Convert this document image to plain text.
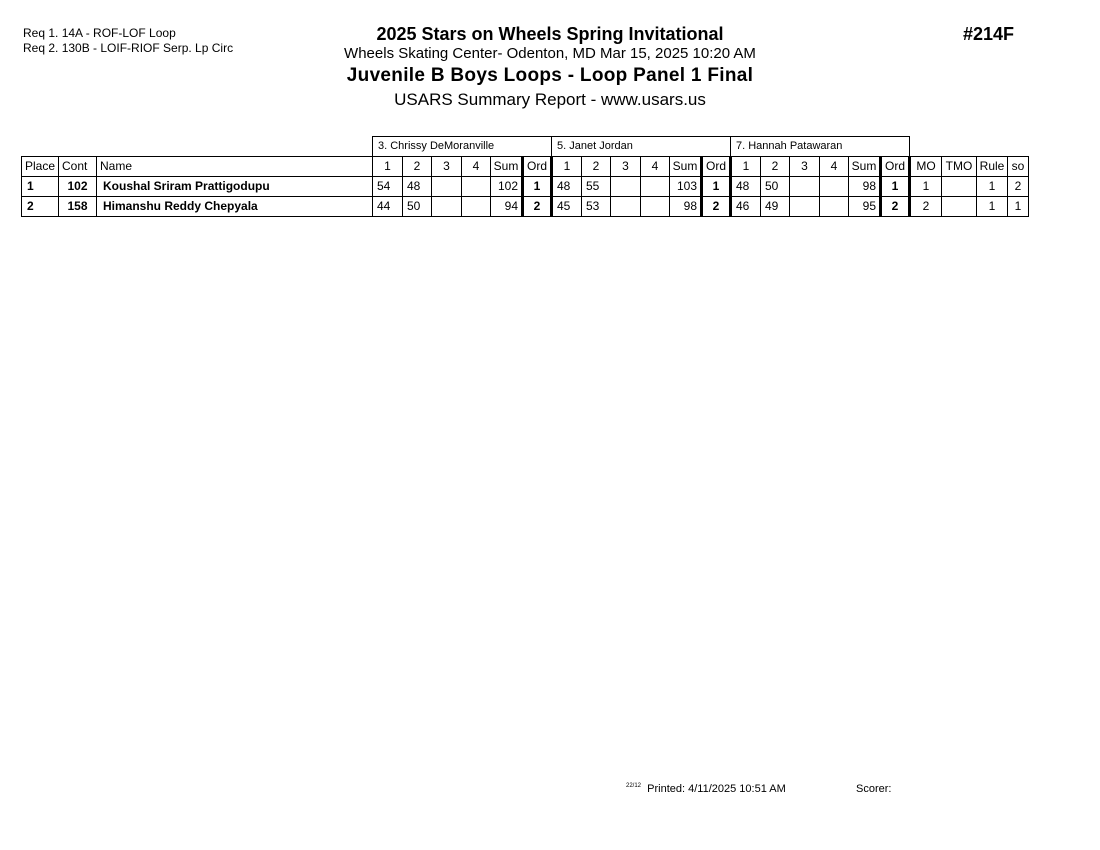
Req 1. 14A - ROF-LOF Loop
Req 2. 130B - LOIF-RIOF Serp. Lp Circ
2025 Stars on Wheels Spring Invitational
Wheels Skating Center- Odenton, MD Mar 15, 2025 10:20 AM
Juvenile B Boys Loops - Loop Panel 1 Final
USARS Summary Report - www.usars.us
#214F
			3. Chrissy DeMoranville						5. Janet Jordan						7. Hannah Patawaran									
Place	Cont	Name	1	2	3	4	Sum	Ord	1	2	3	4	Sum	Ord	1	2	3	4	Sum	Ord	MO	TMO	Rule	so
1	102	Koushal Sriram Prattigodupu	54	48			102	1	48	55			103	1	48	50			98	1	1		1	2
2	158	Himanshu Reddy Chepyala	44	50			94	2	45	53			98	2	46	49			95	2	2		1	1
$^{22/12}$ Printed: 4/11/2025 10:51 AM	Scorer:
